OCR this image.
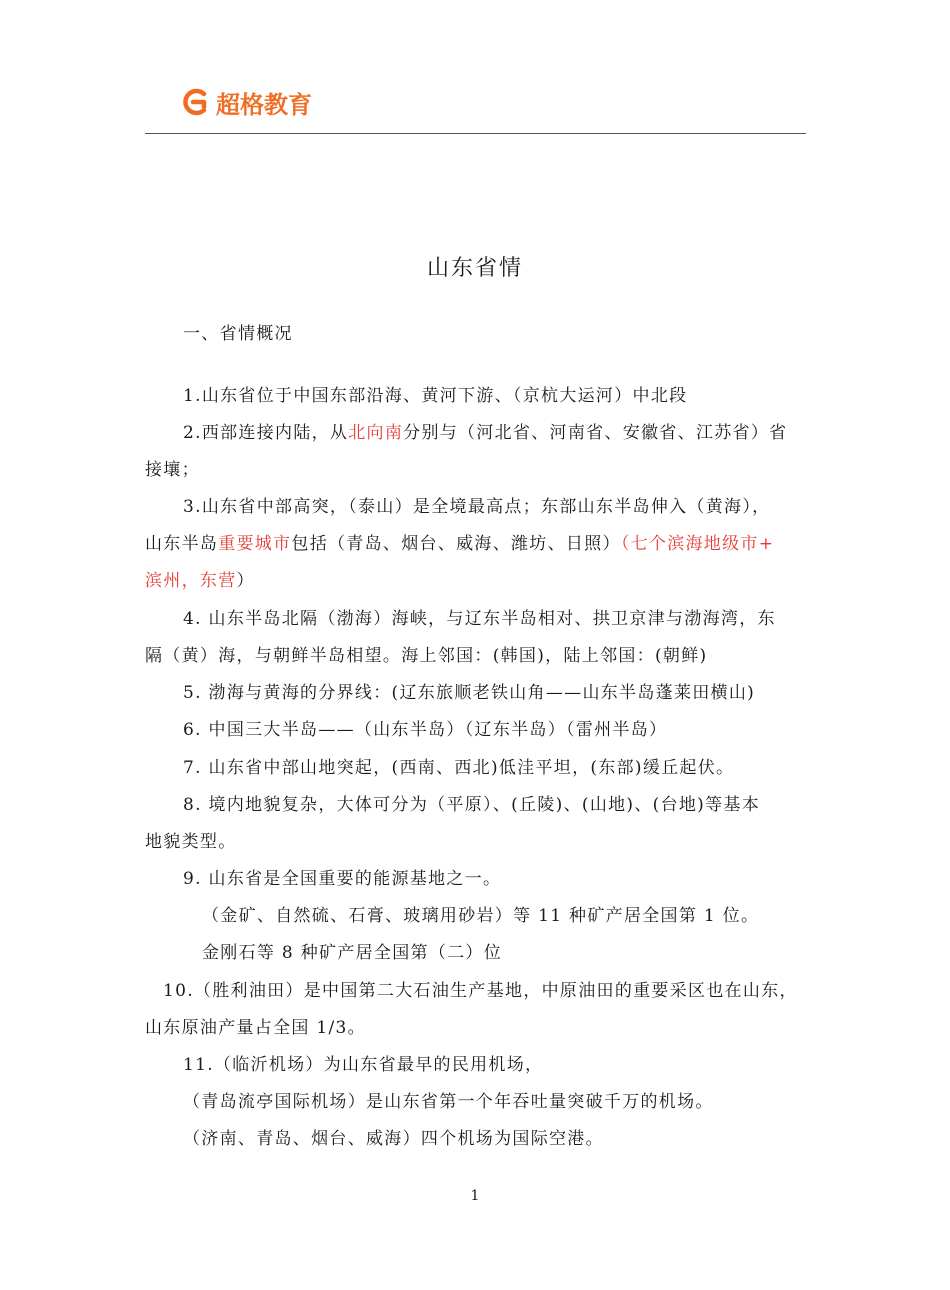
超格教育
山东省情
一、省情概况
1.山东省位于中国东部沿海、黄河下游、（京杭大运河）中北段
2.西部连接内陆，从北向南分别与（河北省、河南省、安徽省、江苏省）省
接壤；
3.山东省中部高突，（泰山）是全境最高点；东部山东半岛伸入（黄海），
山东半岛重要城市包括（青岛、烟台、威海、潍坊、日照）（七个滨海地级市+
滨州，东营）
4. 山东半岛北隔（渤海）海峡，与辽东半岛相对、拱卫京津与渤海湾，东
隔（黄）海，与朝鲜半岛相望。海上邻国：(韩国)，陆上邻国：(朝鲜)
5. 渤海与黄海的分界线：(辽东旅顺老铁山角——山东半岛蓬莱田横山)
6. 中国三大半岛——（山东半岛）（辽东半岛）（雷州半岛）
7. 山东省中部山地突起，(西南、西北)低洼平坦，(东部)缓丘起伏。
8. 境内地貌复杂，大体可分为（平原）、(丘陵)、(山地)、(台地)等基本
地貌类型。
9. 山东省是全国重要的能源基地之一。
（金矿、自然硫、石膏、玻璃用砂岩）等 11 种矿产居全国第 1 位。
金刚石等 8 种矿产居全国第（二）位
10.（胜利油田）是中国第二大石油生产基地，中原油田的重要采区也在山东，
山东原油产量占全国 1/3。
11.（临沂机场）为山东省最早的民用机场，
（青岛流亭国际机场）是山东省第一个年吞吐量突破千万的机场。
（济南、青岛、烟台、威海）四个机场为国际空港。
1
